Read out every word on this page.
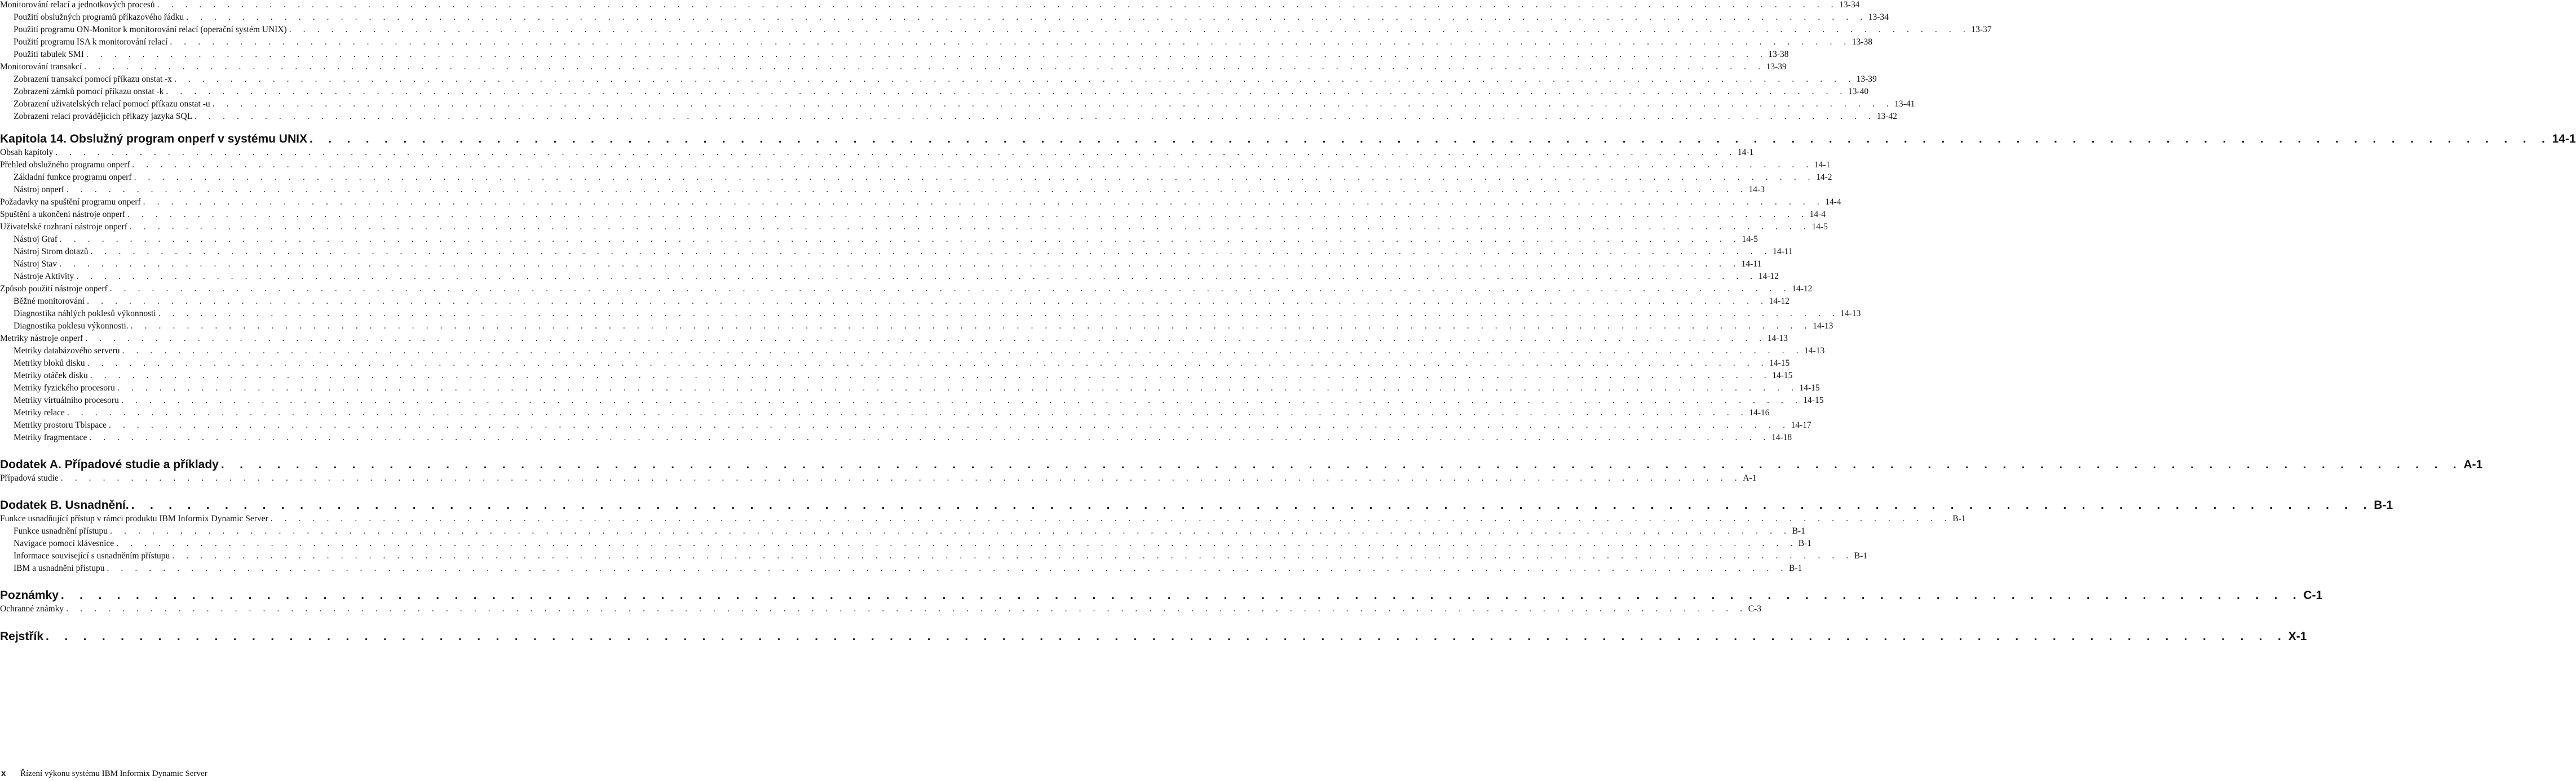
Monitorování relací a jednotkových procesů . . . . . . . . . . . . . . . . . . . . . . . . . . . . . . . . . . . . . . . . . . . . . . . . . . . . . . . . . . . . . . . . . . . . . . . . . . . . . . . . . . . . . . . . . . . . . . . . . . . . . . . . . . . . . . . . . . . . . . . . 13-34
Použití obslužných programů příkazového řádku . . . . . . . . . . . . . . . . . . . . . . . . . . . . . . . . . . . . . . . . . . . . . . . . . . . . . . . . . . . . . . . . . . . . . . . . . . . . . . . . . . . . . . . . . . . . . . . . . . . . . . . . . . . . . . . . . . . . . . . . 13-34
Použití programu ON-Monitor k monitorování relací (operační systém UNIX) . . . . . . . . . . . . . . . . . . . . . . . . . . . . . . . . . . . . . . . . . . . . . . . . . . . . . . . . . . . . . . . . . . . . . . . . . . . . . . . . . . . . . . . . . . . . . . . . . . . . . . . . . . . . . . . . . . . . . . . . 13-37
Použití programu ISA k monitorování relací . . . . . . . . . . . . . . . . . . . . . . . . . . . . . . . . . . . . . . . . . . . . . . . . . . . . . . . . . . . . . . . . . . . . . . . . . . . . . . . . . . . . . . . . . . . . . . . . . . . . . . . . . . . . . . . . . . . . . . . . 13-38
Použití tabulek SMI . . . . . . . . . . . . . . . . . . . . . . . . . . . . . . . . . . . . . . . . . . . . . . . . . . . . . . . . . . . . . . . . . . . . . . . . . . . . . . . . . . . . . . . . . . . . . . . . . . . . . . . . . . . . . . . . . . . . . . . . 13-38
Monitorování transakcí . . . . . . . . . . . . . . . . . . . . . . . . . . . . . . . . . . . . . . . . . . . . . . . . . . . . . . . . . . . . . . . . . . . . . . . . . . . . . . . . . . . . . . . . . . . . . . . . . . . . . . . . . . . . . . . . . . . . . . . . 13-39
Zobrazení transakcí pomocí příkazu onstat -x . . . . . . . . . . . . . . . . . . . . . . . . . . . . . . . . . . . . . . . . . . . . . . . . . . . . . . . . . . . . . . . . . . . . . . . . . . . . . . . . . . . . . . . . . . . . . . . . . . . . . . . . . . . . . . . . . . . . . . . . 13-39
Zobrazení zámků pomocí příkazu onstat -k . . . . . . . . . . . . . . . . . . . . . . . . . . . . . . . . . . . . . . . . . . . . . . . . . . . . . . . . . . . . . . . . . . . . . . . . . . . . . . . . . . . . . . . . . . . . . . . . . . . . . . . . . . . . . . . . . . . . . . . . 13-40
Zobrazení uživatelských relací pomocí příkazu onstat -u . . . . . . . . . . . . . . . . . . . . . . . . . . . . . . . . . . . . . . . . . . . . . . . . . . . . . . . . . . . . . . . . . . . . . . . . . . . . . . . . . . . . . . . . . . . . . . . . . . . . . . . . . . . . . . . . . . . . . . . . 13-41
Zobrazení relací provádějících příkazy jazyka SQL . . . . . . . . . . . . . . . . . . . . . . . . . . . . . . . . . . . . . . . . . . . . . . . . . . . . . . . . . . . . . . . . . . . . . . . . . . . . . . . . . . . . . . . . . . . . . . . . . . . . . . . . . . . . . . . . . . . . . . . . 13-42
Kapitola 14. Obslužný program onperf v systému UNIX . . . . . . . . . . . . . . . . . . . . . . . . . . . . . . . . . . . . . . . . . . . . . . . . . . . . . . . . . . . . . . . . . . . . . . . . . . . . . . . . . . . . . . . . . . . . . . . . . . . . . . . . . . . . . . . . . . . . . . . . 14-1
Obsah kapitoly . . . . . . . . . . . . . . . . . . . . . . . . . . . . . . . . . . . . . . . . . . . . . . . . . . . . . . . . . . . . . . . . . . . . . . . . . . . . . . . . . . . . . . . . . . . . . . . . . . . . . . . . . . . . . . . . . . . . . . . . 14-1
Přehled obslužného programu onperf . . . . . . . . . . . . . . . . . . . . . . . . . . . . . . . . . . . . . . . . . . . . . . . . . . . . . . . . . . . . . . . . . . . . . . . . . . . . . . . . . . . . . . . . . . . . . . . . . . . . . . . . . . . . . . . . . . . . . . . . 14-1
Základní funkce programu onperf . . . . . . . . . . . . . . . . . . . . . . . . . . . . . . . . . . . . . . . . . . . . . . . . . . . . . . . . . . . . . . . . . . . . . . . . . . . . . . . . . . . . . . . . . . . . . . . . . . . . . . . . . . . . . . . . . . . . . . . . 14-2
Nástroj onperf . . . . . . . . . . . . . . . . . . . . . . . . . . . . . . . . . . . . . . . . . . . . . . . . . . . . . . . . . . . . . . . . . . . . . . . . . . . . . . . . . . . . . . . . . . . . . . . . . . . . . . . . . . . . . . . . . . . . . . . . 14-3
Požadavky na spuštění programu onperf . . . . . . . . . . . . . . . . . . . . . . . . . . . . . . . . . . . . . . . . . . . . . . . . . . . . . . . . . . . . . . . . . . . . . . . . . . . . . . . . . . . . . . . . . . . . . . . . . . . . . . . . . . . . . . . . . . . . . . . . 14-4
Spuštění a ukončení nástroje onperf . . . . . . . . . . . . . . . . . . . . . . . . . . . . . . . . . . . . . . . . . . . . . . . . . . . . . . . . . . . . . . . . . . . . . . . . . . . . . . . . . . . . . . . . . . . . . . . . . . . . . . . . . . . . . . . . . . . . . . . . 14-4
Uživatelské rozhraní nástroje onperf . . . . . . . . . . . . . . . . . . . . . . . . . . . . . . . . . . . . . . . . . . . . . . . . . . . . . . . . . . . . . . . . . . . . . . . . . . . . . . . . . . . . . . . . . . . . . . . . . . . . . . . . . . . . . . . . . . . . . . . . 14-5
Nástroj Graf . . . . . . . . . . . . . . . . . . . . . . . . . . . . . . . . . . . . . . . . . . . . . . . . . . . . . . . . . . . . . . . . . . . . . . . . . . . . . . . . . . . . . . . . . . . . . . . . . . . . . . . . . . . . . . . . . . . . . . . . 14-5
Nástroj Strom dotazů . . . . . . . . . . . . . . . . . . . . . . . . . . . . . . . . . . . . . . . . . . . . . . . . . . . . . . . . . . . . . . . . . . . . . . . . . . . . . . . . . . . . . . . . . . . . . . . . . . . . . . . . . . . . . . . . . . . . . . . . 14-11
Nástroj Stav . . . . . . . . . . . . . . . . . . . . . . . . . . . . . . . . . . . . . . . . . . . . . . . . . . . . . . . . . . . . . . . . . . . . . . . . . . . . . . . . . . . . . . . . . . . . . . . . . . . . . . . . . . . . . . . . . . . . . . . . 14-11
Nástroje Aktivity . . . . . . . . . . . . . . . . . . . . . . . . . . . . . . . . . . . . . . . . . . . . . . . . . . . . . . . . . . . . . . . . . . . . . . . . . . . . . . . . . . . . . . . . . . . . . . . . . . . . . . . . . . . . . . . . . . . . . . . . 14-12
Způsob použití nástroje onperf . . . . . . . . . . . . . . . . . . . . . . . . . . . . . . . . . . . . . . . . . . . . . . . . . . . . . . . . . . . . . . . . . . . . . . . . . . . . . . . . . . . . . . . . . . . . . . . . . . . . . . . . . . . . . . . . . . . . . . . . 14-12
Běžné monitorování . . . . . . . . . . . . . . . . . . . . . . . . . . . . . . . . . . . . . . . . . . . . . . . . . . . . . . . . . . . . . . . . . . . . . . . . . . . . . . . . . . . . . . . . . . . . . . . . . . . . . . . . . . . . . . . . . . . . . . . . 14-12
Diagnostika náhlých poklesů výkonnosti . . . . . . . . . . . . . . . . . . . . . . . . . . . . . . . . . . . . . . . . . . . . . . . . . . . . . . . . . . . . . . . . . . . . . . . . . . . . . . . . . . . . . . . . . . . . . . . . . . . . . . . . . . . . . . . . . . . . . . . . 14-13
Diagnostika poklesu výkonnosti. . . . . . . . . . . . . . . . . . . . . . . . . . . . . . . . . . . . . . . . . . . . . . . . . . . . . . . . . . . . . . . . . . . . . . . . . . . . . . . . . . . . . . . . . . . . . . . . . . . . . . . . . . . . . . . . . . . . . . . . . 14-13
Metriky nástroje onperf . . . . . . . . . . . . . . . . . . . . . . . . . . . . . . . . . . . . . . . . . . . . . . . . . . . . . . . . . . . . . . . . . . . . . . . . . . . . . . . . . . . . . . . . . . . . . . . . . . . . . . . . . . . . . . . . . . . . . . . . 14-13
Metriky databázového serveru . . . . . . . . . . . . . . . . . . . . . . . . . . . . . . . . . . . . . . . . . . . . . . . . . . . . . . . . . . . . . . . . . . . . . . . . . . . . . . . . . . . . . . . . . . . . . . . . . . . . . . . . . . . . . . . . . . . . . . . . 14-13
Metriky bloků disku . . . . . . . . . . . . . . . . . . . . . . . . . . . . . . . . . . . . . . . . . . . . . . . . . . . . . . . . . . . . . . . . . . . . . . . . . . . . . . . . . . . . . . . . . . . . . . . . . . . . . . . . . . . . . . . . . . . . . . . . 14-15
Metriky otáček disku . . . . . . . . . . . . . . . . . . . . . . . . . . . . . . . . . . . . . . . . . . . . . . . . . . . . . . . . . . . . . . . . . . . . . . . . . . . . . . . . . . . . . . . . . . . . . . . . . . . . . . . . . . . . . . . . . . . . . . . . 14-15
Metriky fyzického procesoru . . . . . . . . . . . . . . . . . . . . . . . . . . . . . . . . . . . . . . . . . . . . . . . . . . . . . . . . . . . . . . . . . . . . . . . . . . . . . . . . . . . . . . . . . . . . . . . . . . . . . . . . . . . . . . . . . . . . . . . . 14-15
Metriky virtuálního procesoru . . . . . . . . . . . . . . . . . . . . . . . . . . . . . . . . . . . . . . . . . . . . . . . . . . . . . . . . . . . . . . . . . . . . . . . . . . . . . . . . . . . . . . . . . . . . . . . . . . . . . . . . . . . . . . . . . . . . . . . . 14-15
Metriky relace . . . . . . . . . . . . . . . . . . . . . . . . . . . . . . . . . . . . . . . . . . . . . . . . . . . . . . . . . . . . . . . . . . . . . . . . . . . . . . . . . . . . . . . . . . . . . . . . . . . . . . . . . . . . . . . . . . . . . . . . 14-16
Metriky prostoru Tblspace . . . . . . . . . . . . . . . . . . . . . . . . . . . . . . . . . . . . . . . . . . . . . . . . . . . . . . . . . . . . . . . . . . . . . . . . . . . . . . . . . . . . . . . . . . . . . . . . . . . . . . . . . . . . . . . . . . . . . . . . 14-17
Metriky fragmentace . . . . . . . . . . . . . . . . . . . . . . . . . . . . . . . . . . . . . . . . . . . . . . . . . . . . . . . . . . . . . . . . . . . . . . . . . . . . . . . . . . . . . . . . . . . . . . . . . . . . . . . . . . . . . . . . . . . . . . . . 14-18
Dodatek A. Případové studie a příklady . . . . . . . . . . . . . . . . . . . . . . . . . . . . . . . . . . . . . . . . . . . . . . . . . . . . . . . . . . . . . . . . . . . . . . . . . . . . . . . . . . . . . . . . . . . . . . . . . . . . . . . . . . . . . . . . . . . . . . . . A-1
Případová studie . . . . . . . . . . . . . . . . . . . . . . . . . . . . . . . . . . . . . . . . . . . . . . . . . . . . . . . . . . . . . . . . . . . . . . . . . . . . . . . . . . . . . . . . . . . . . . . . . . . . . . . . . . . . . . . . . . . . . . . . A-1
Dodatek B. Usnadnění. . . . . . . . . . . . . . . . . . . . . . . . . . . . . . . . . . . . . . . . . . . . . . . . . . . . . . . . . . . . . . . . . . . . . . . . . . . . . . . . . . . . . . . . . . . . . . . . . . . . . . . . . . . . . . . . . . . . . . . . . B-1
Funkce usnadňující přístup v rámci produktu IBM Informix Dynamic Server . . . . . . . . . . . . . . . . . . . . . . . . . . . . . . . . . . . . . . . . . . . . . . . . . . . . . . . . . . . . . . . . . . . . . . . . . . . . . . . . . . . . . . . . . . . . . . . . . . . . . . . . . . . . . . . . . . . . . . . . B-1
Funkce usnadnění přístupu . . . . . . . . . . . . . . . . . . . . . . . . . . . . . . . . . . . . . . . . . . . . . . . . . . . . . . . . . . . . . . . . . . . . . . . . . . . . . . . . . . . . . . . . . . . . . . . . . . . . . . . . . . . . . . . . . . . . . . . . B-1
Navigace pomocí klávesnice . . . . . . . . . . . . . . . . . . . . . . . . . . . . . . . . . . . . . . . . . . . . . . . . . . . . . . . . . . . . . . . . . . . . . . . . . . . . . . . . . . . . . . . . . . . . . . . . . . . . . . . . . . . . . . . . . . . . . . . . B-1
Informace související s usnadněním přístupu . . . . . . . . . . . . . . . . . . . . . . . . . . . . . . . . . . . . . . . . . . . . . . . . . . . . . . . . . . . . . . . . . . . . . . . . . . . . . . . . . . . . . . . . . . . . . . . . . . . . . . . . . . . . . . . . . . . . . . . . B-1
IBM a usnadnění přístupu . . . . . . . . . . . . . . . . . . . . . . . . . . . . . . . . . . . . . . . . . . . . . . . . . . . . . . . . . . . . . . . . . . . . . . . . . . . . . . . . . . . . . . . . . . . . . . . . . . . . . . . . . . . . . . . . . . . . . . . . B-1
Poznámky . . . . . . . . . . . . . . . . . . . . . . . . . . . . . . . . . . . . . . . . . . . . . . . . . . . . . . . . . . . . . . . . . . . . . . . . . . . . . . . . . . . . . . . . . . . . . . . . . . . . . . . . . . . . . . . . . . . . . . . . C-1
Ochranné známky . . . . . . . . . . . . . . . . . . . . . . . . . . . . . . . . . . . . . . . . . . . . . . . . . . . . . . . . . . . . . . . . . . . . . . . . . . . . . . . . . . . . . . . . . . . . . . . . . . . . . . . . . . . . . . . . . . . . . . . . C-3
Rejstřík . . . . . . . . . . . . . . . . . . . . . . . . . . . . . . . . . . . . . . . . . . . . . . . . . . . . . . . . . . . . . . . . . . . . . . . . . . . . . . . . . . . . . . . . . . . . . . . . . . . . . . . . . . . . . . . . . . . . . . . . X-1
x Řízení výkonu systému IBM Informix Dynamic Server
